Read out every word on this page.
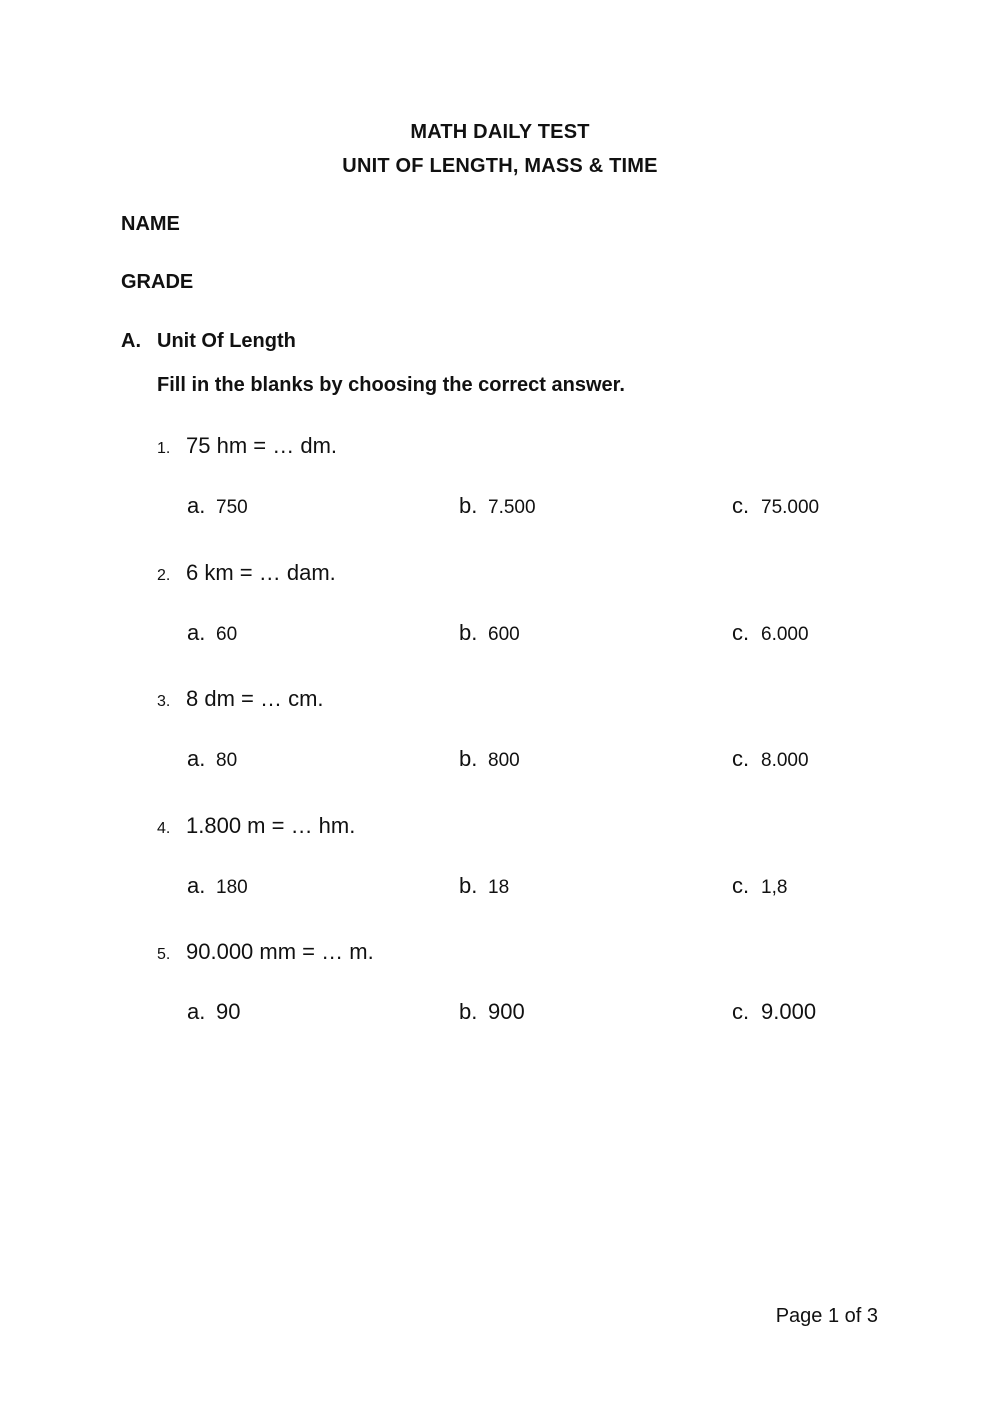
MATH DAILY TEST
UNIT OF LENGTH, MASS & TIME
NAME
GRADE
A. Unit Of Length
Fill in the blanks by choosing the correct answer.
1. 75 hm = … dm.
a. 750	b. 7.500	c. 75.000
2. 6 km = … dam.
a. 60	b. 600	c. 6.000
3. 8 dm = … cm.
a. 80	b. 800	c. 8.000
4. 1.800 m = … hm.
a. 180	b. 18	c. 1,8
5. 90.000 mm = … m.
a. 90	b. 900	c. 9.000
Page 1 of 3
